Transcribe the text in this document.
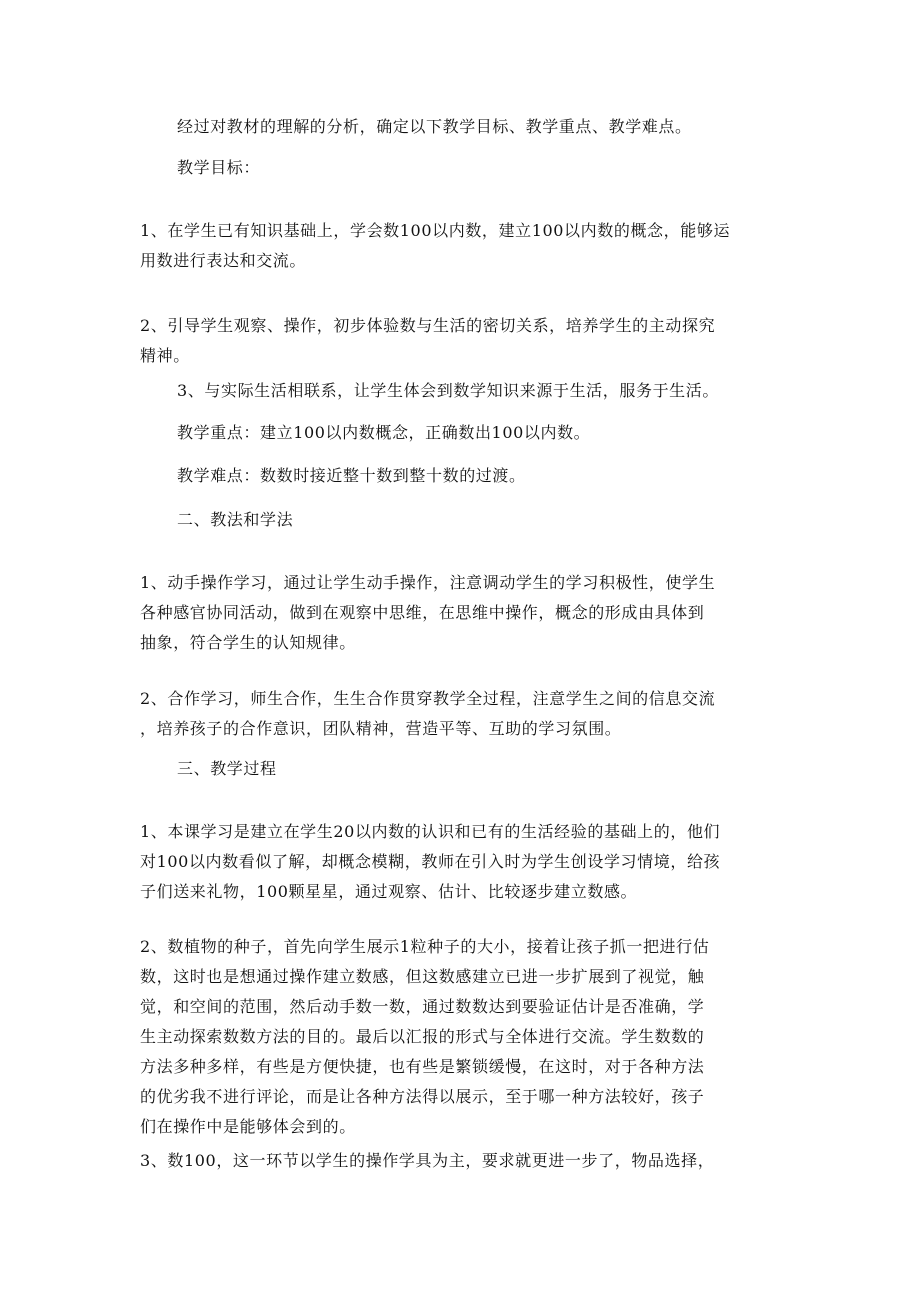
经过对教材的理解的分析，确定以下教学目标、教学重点、教学难点。

教学目标：

1、在学生已有知识基础上，学会数100以内数，建立100以内数的概念，能够运
用数进行表达和交流。

2、引导学生观察、操作，初步体验数与生活的密切关系，培养学生的主动探究
精神。

3、与实际生活相联系，让学生体会到数学知识来源于生活，服务于生活。

教学重点：建立100以内数概念，正确数出100以内数。

教学难点：数数时接近整十数到整十数的过渡。

二、教法和学法

1、动手操作学习，通过让学生动手操作，注意调动学生的学习积极性，使学生
各种感官协同活动，做到在观察中思维，在思维中操作，概念的形成由具体到
抽象，符合学生的认知规律。

2、合作学习，师生合作，生生合作贯穿教学全过程，注意学生之间的信息交流
，培养孩子的合作意识，团队精神，营造平等、互助的学习氛围。

三、教学过程

1、本课学习是建立在学生20以内数的认识和已有的生活经验的基础上的，他们
对100以内数看似了解，却概念模糊，教师在引入时为学生创设学习情境，给孩
子们送来礼物，100颗星星，通过观察、估计、比较逐步建立数感。

2、数植物的种子，首先向学生展示1粒种子的大小，接着让孩子抓一把进行估
数，这时也是想通过操作建立数感，但这数感建立已进一步扩展到了视觉，触
觉，和空间的范围，然后动手数一数，通过数数达到要验证估计是否准确，学
生主动探索数数方法的目的。最后以汇报的形式与全体进行交流。学生数数的
方法多种多样，有些是方便快捷，也有些是繁锁缓慢，在这时，对于各种方法
的优劣我不进行评论，而是让各种方法得以展示，至于哪一种方法较好，孩子
们在操作中是能够体会到的。

3、数100，这一环节以学生的操作学具为主，要求就更进一步了，物品选择，
